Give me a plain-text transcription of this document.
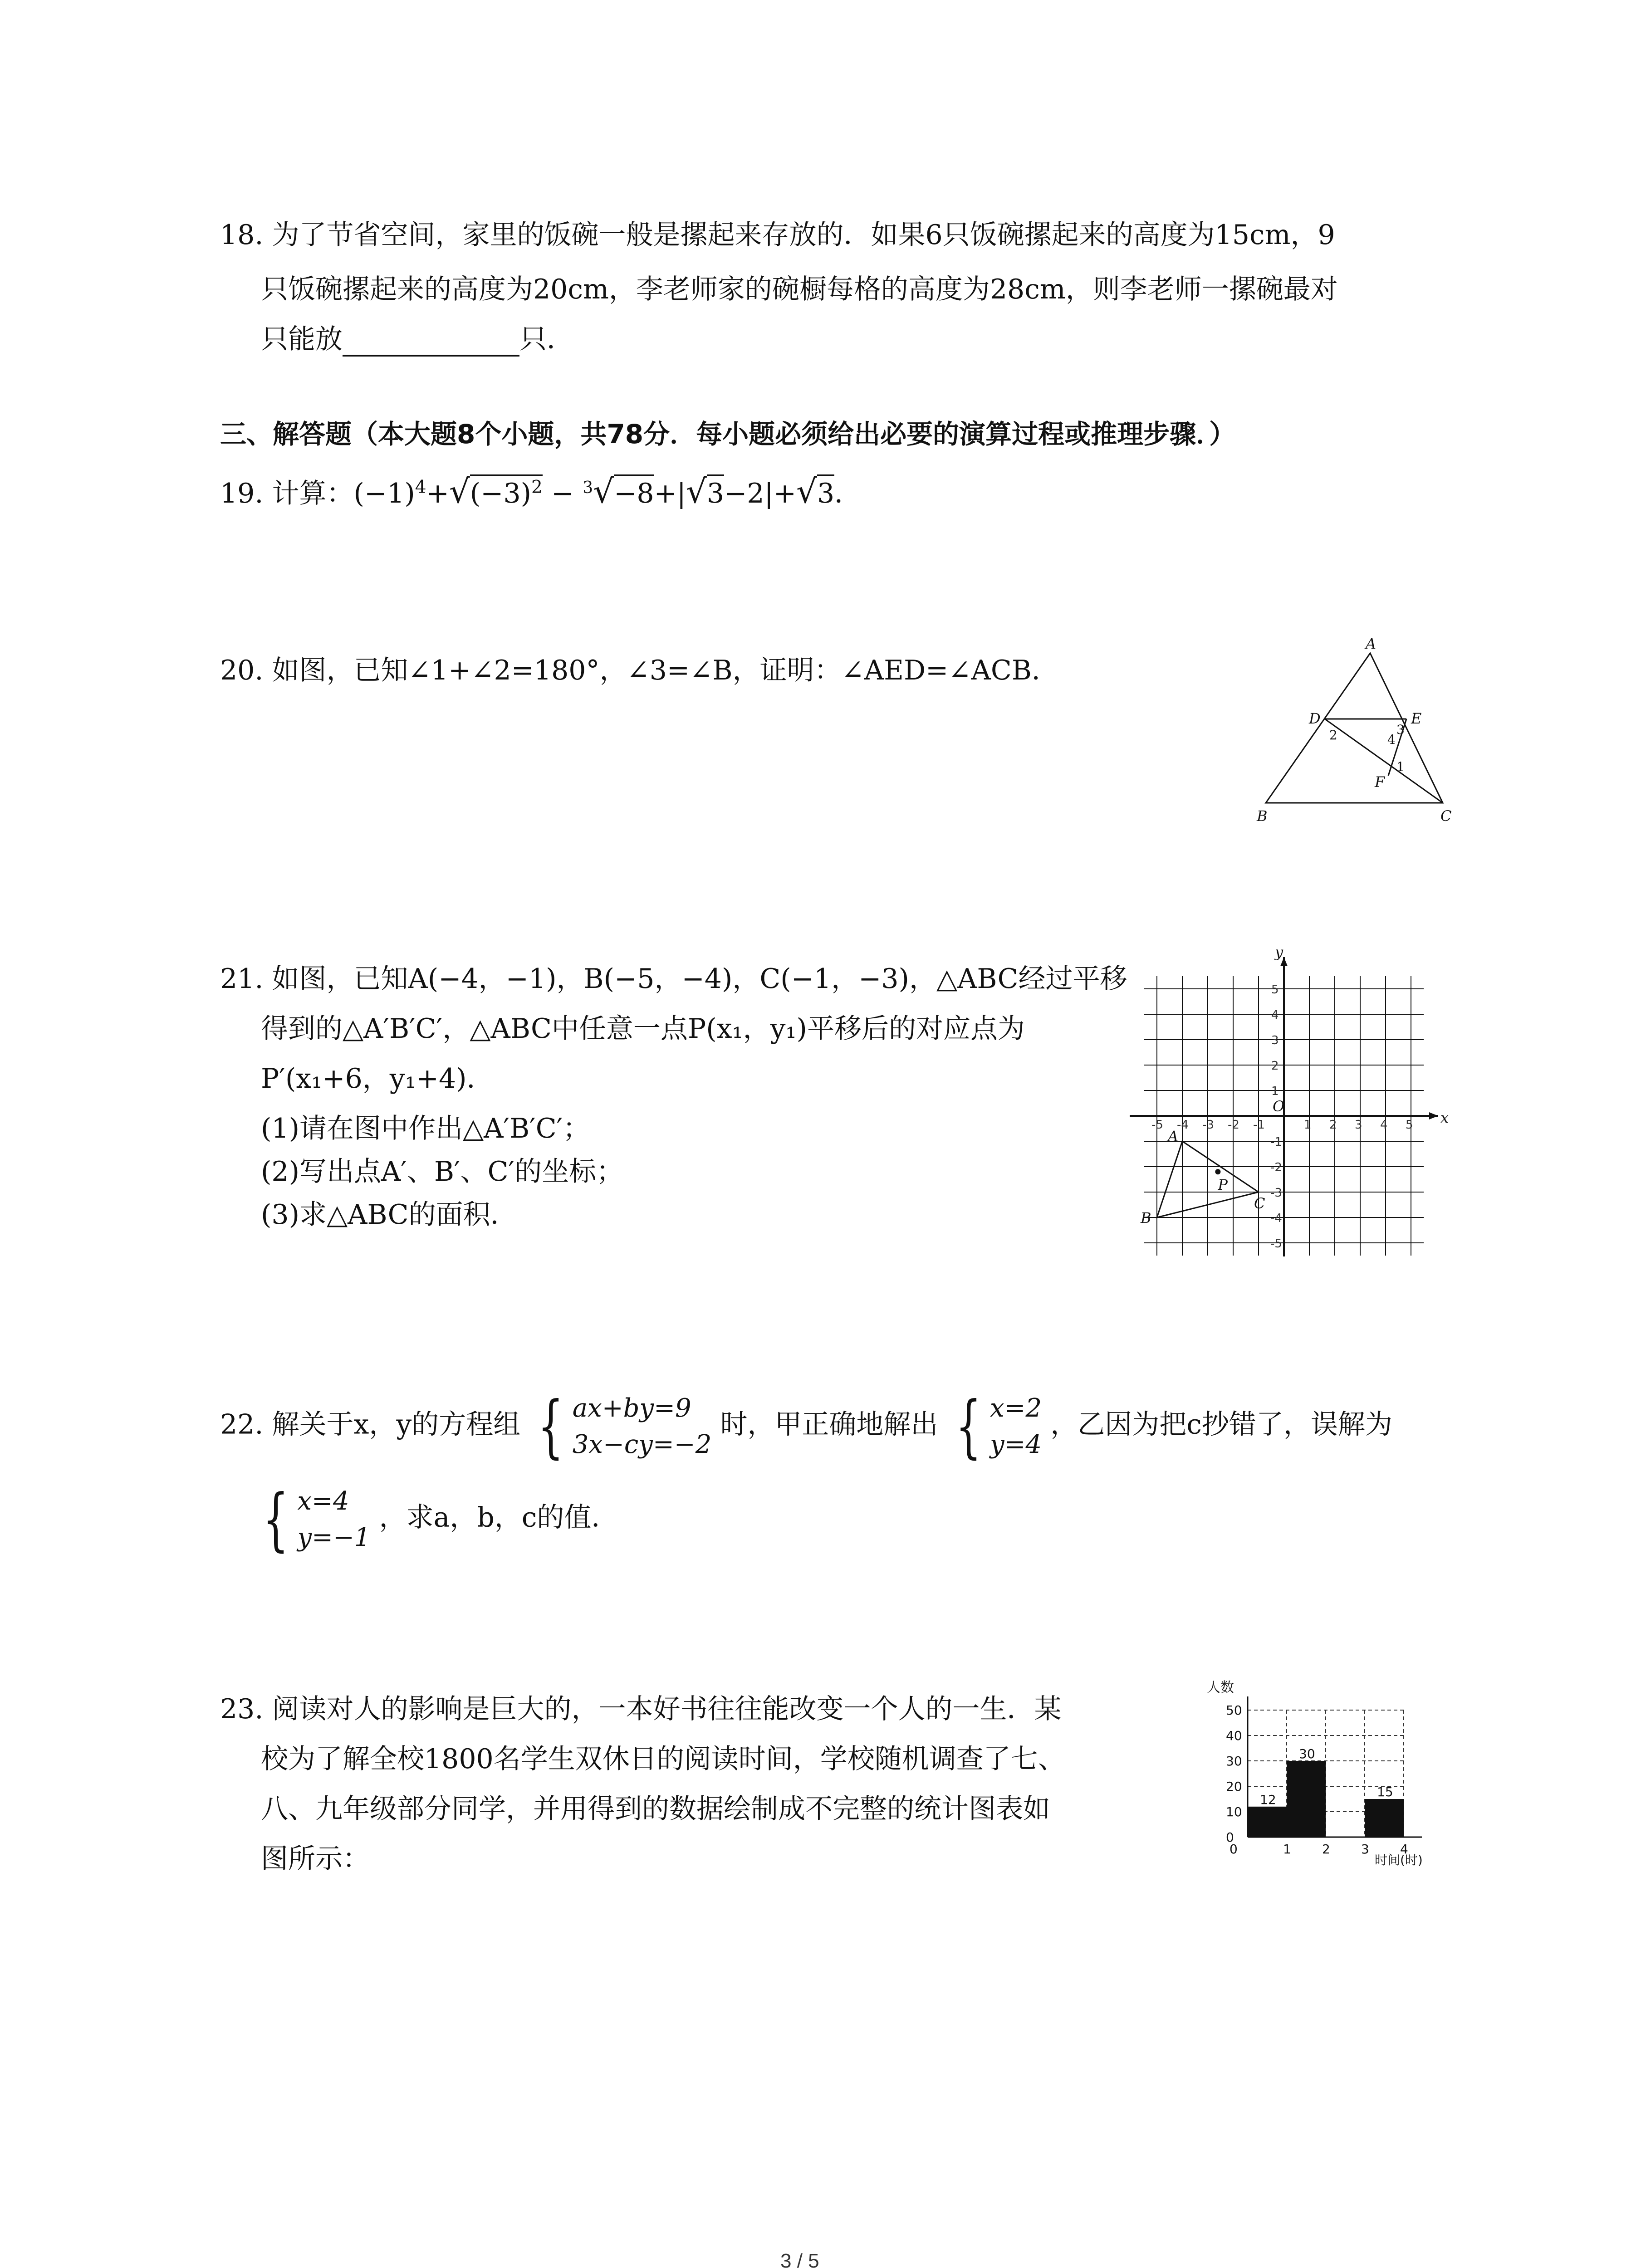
18. 为了节省空间，家里的饭碗一般是摞起来存放的．如果6只饭碗摞起来的高度为15cm，9
只饭碗摞起来的高度为20cm，李老师家的碗橱每格的高度为28cm，则李老师一摞碗最对
只能放	只．
三、解答题（本大题8个小题，共78分．每小题必须给出必要的演算过程或推理步骤．）
19. 计算：$(-1)^4+√(-3)^2 - ^3√-8+|√3-2|+√3$．
20. 如图，已知∠1+∠2=180°，∠3=∠B，证明：∠AED=∠ACB．
A
B	C
D	E
F
1
2	3
4
21. 如图，已知A(−4，−1)，B(−5，−4)，C(−1，−3)，△ABC经过平移
得到的△A′B′C′，△ABC中任意一点P(x₁，y₁)平移后的对应点为
P′(x₁+6，y₁+4)．
(1)请在图中作出△A′B′C′；
(2)写出点A′、B′、C′的坐标；
(3)求△ABC的面积．
-5 -4 -3 -2 -1	1 2 3 4 5
5
4
3
2
1
-1
-2
-3
-4
-5
x
y
O
A
B
C
P
22. 解关于x，y的方程组 { ax+by=9
3x−cy=−2
时，甲正确地解出 { x=2
y=4
，乙因为把c抄错了，误解为
{ x=4
y=−1
，求a，b，c的值．
23. 阅读对人的影响是巨大的，一本好书往往能改变一个人的一生．某
校为了解全校1800名学生双休日的阅读时间，学校随机调查了七、
八、九年级部分同学，并用得到的数据绘制成不完整的统计图表如
图所示：
0
10
20
30
40
50
1 2 3 4
0
12
30
15
人数
时间(时)
3 / 5
